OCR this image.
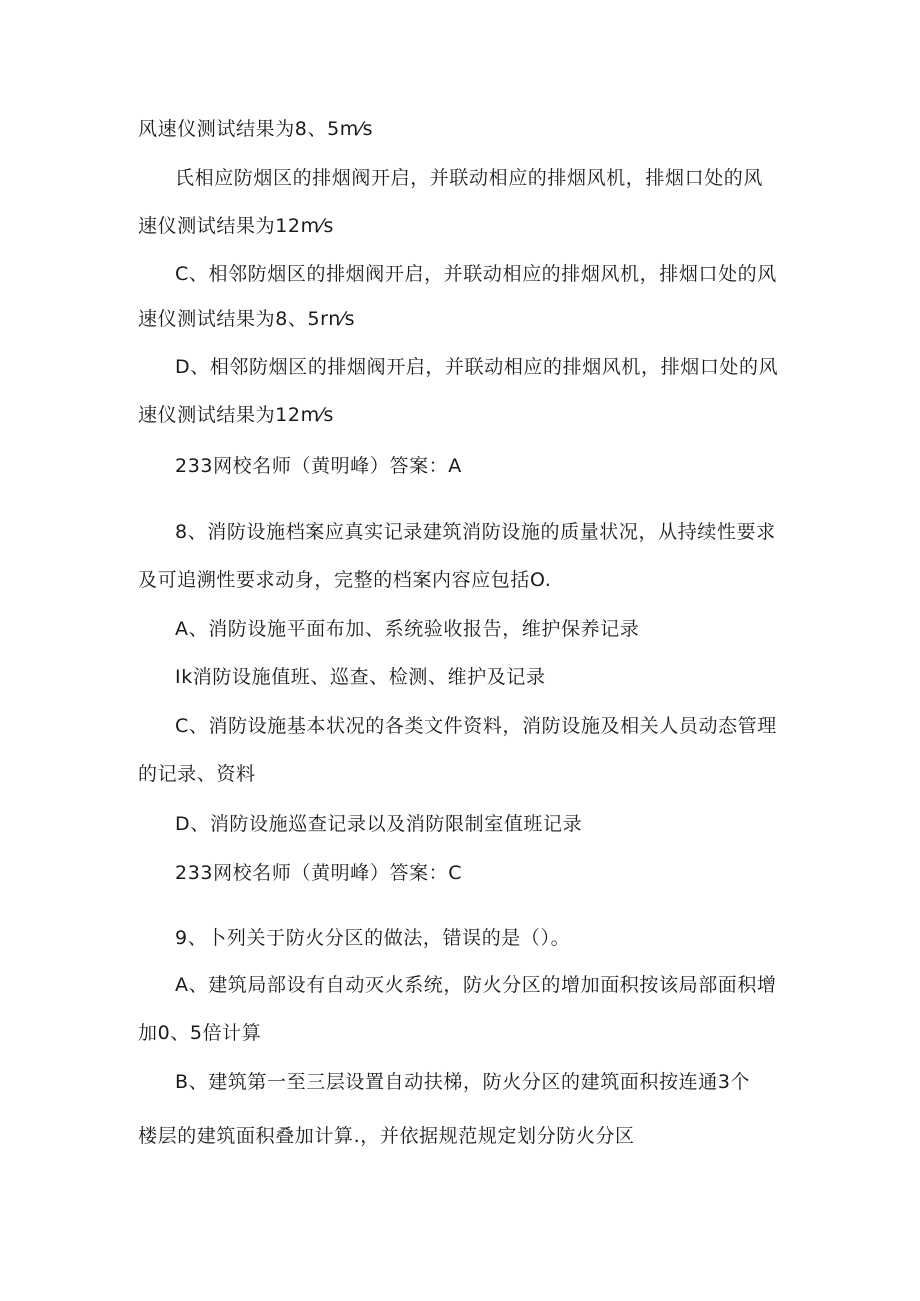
风速仪测试结果为8、5m⁄s
氏相应防烟区的排烟阀开启，并联动相应的排烟风机，排烟口处的风
速仪测试结果为12m⁄s
C、相邻防烟区的排烟阀开启，并联动相应的排烟风机，排烟口处的风
速仪测试结果为8、5rn⁄s
D、相邻防烟区的排烟阀开启，并联动相应的排烟风机，排烟口处的风
速仪测试结果为12m⁄s
233网校名师（黄明峰）答案：A
8、消防设施档案应真实记录建筑消防设施的质量状况，从持续性要求
及可追溯性要求动身，完整的档案内容应包括O.
A、消防设施平面布加、系统验收报告，维护保养记录
Ik消防设施值班、巡查、检测、维护及记录
C、消防设施基本状况的各类文件资料，消防设施及相关人员动态管理
的记录、资料
D、消防设施巡查记录以及消防限制室值班记录
233网校名师（黄明峰）答案：C
9、卜列关于防火分区的做法，错误的是（）。
A、建筑局部设有自动灭火系统，防火分区的增加面积按该局部面积增
加0、5倍计算
B、建筑第一至三层设置自动扶梯，防火分区的建筑面积按连通3个
楼层的建筑面积叠加计算.，并依据规范规定划分防火分区
